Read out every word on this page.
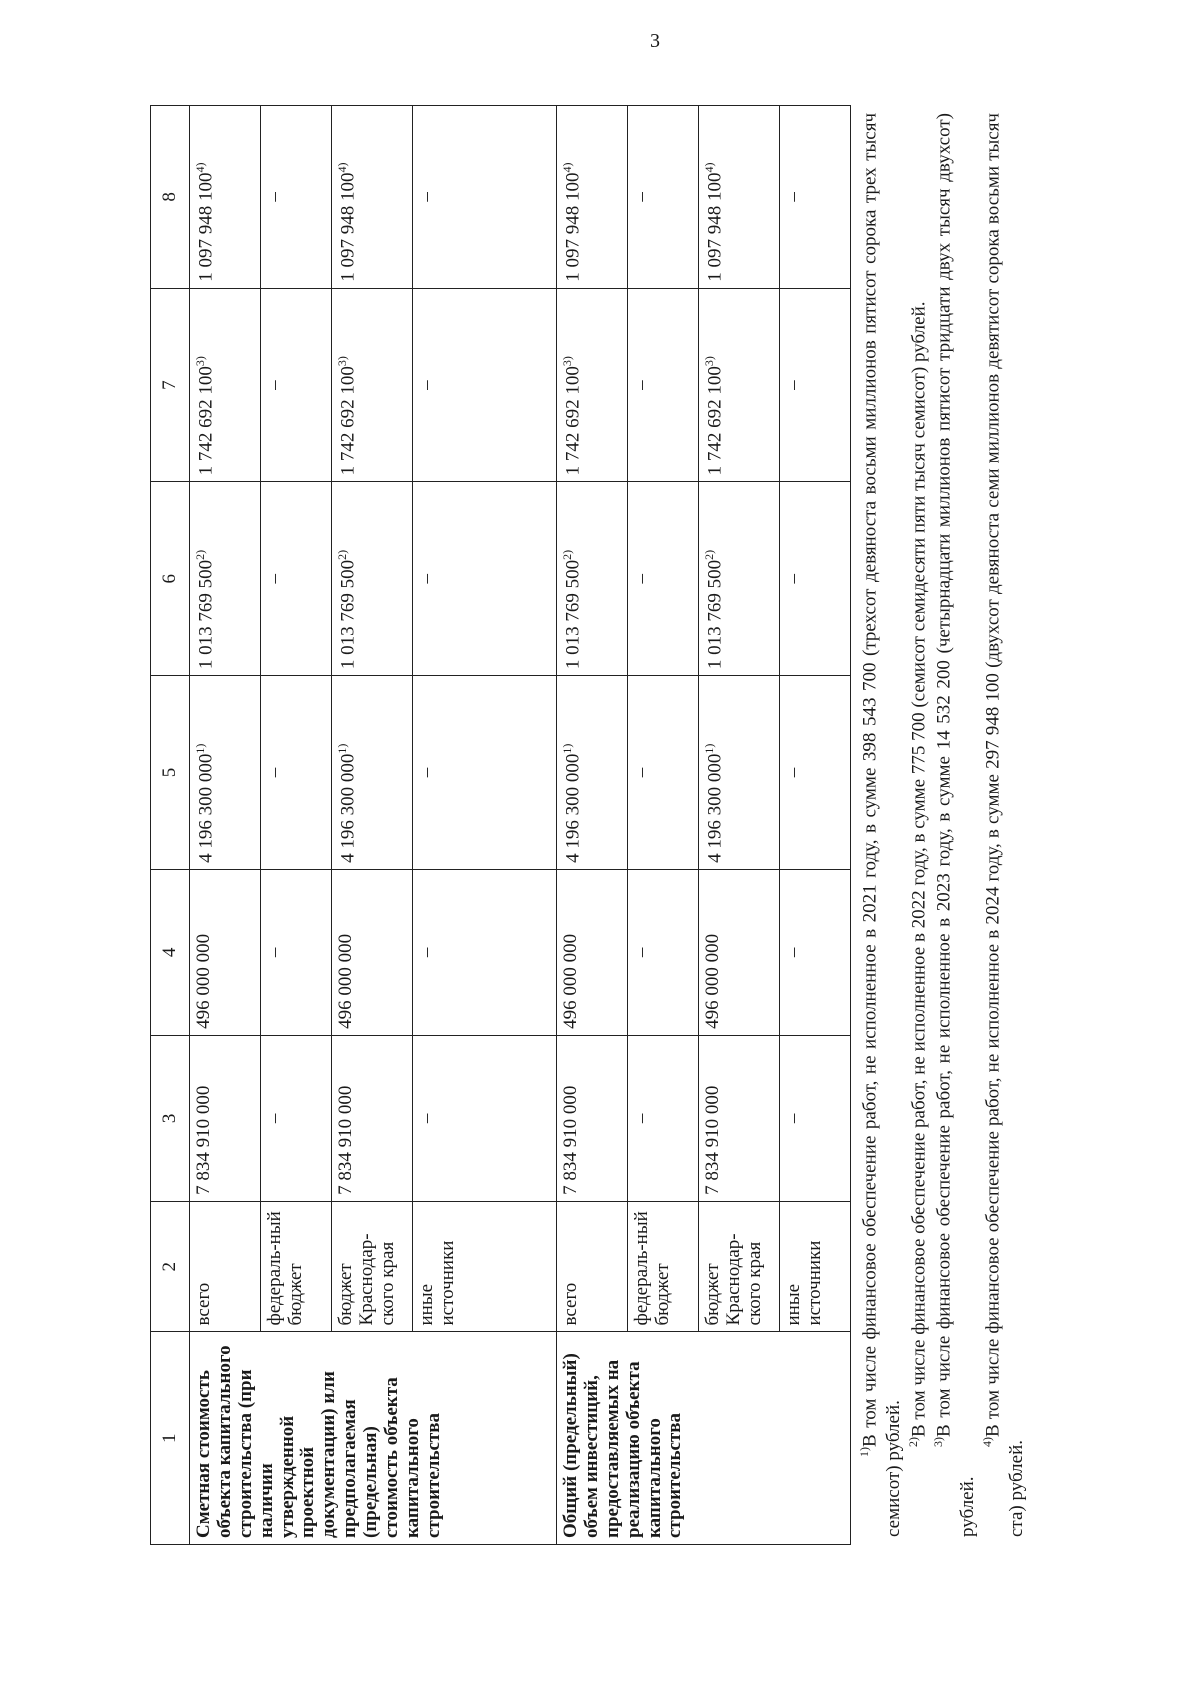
3
1	2	3	4	5	6	7	8
Сметная стоимость объекта капитального строительства (при наличии утвержденной проектной документации) или предполагаемая (предельная) стоимость объекта капитального строительства	всего	7 834 910 000	496 000 000	4 196 300 000$^{1)}$	1 013 769 500$^{2)}$	1 742 692 100$^{3)}$	1 097 948 100$^{4)}$
	федераль-ный бюджет	–	–	–	–	–	–
	бюджет Краснодар-ского края	7 834 910 000	496 000 000	4 196 300 000$^{1)}$	1 013 769 500$^{2)}$	1 742 692 100$^{3)}$	1 097 948 100$^{4)}$
	иные источники	–	–	–	–	–	–
Общий (предельный) объем инвестиций, предоставляемых на реализацию объекта капитального строительства	всего	7 834 910 000	496 000 000	4 196 300 000$^{1)}$	1 013 769 500$^{2)}$	1 742 692 100$^{3)}$	1 097 948 100$^{4)}$
	федераль-ный бюджет	–	–	–	–	–	–
	бюджет Краснодар-ского края	7 834 910 000	496 000 000	4 196 300 000$^{1)}$	1 013 769 500$^{2)}$	1 742 692 100$^{3)}$	1 097 948 100$^{4)}$
	иные источники	–	–	–	–	–	–

$^{1)}$В том числе финансовое обеспечение работ, не исполненное в 2021 году, в сумме 398 543 700 (трехсот девяноста восьми миллионов пятисот сорока трех тысяч семисот) рублей. $^{2)}$В том числе финансовое обеспечение работ, не исполненное в 2022 году, в сумме 775 700 (семисот семидесяти пяти тысяч семисот) рублей.

$^{3)}$В том числе финансовое обеспечение работ, не исполненное в 2023 году, в сумме 14 532 200 (четырнадцати миллионов пятисот тридцати двух тысяч двухсот) рублей.

$^{4)}$В том числе финансовое обеспечение работ, не исполненное в 2024 году, в сумме 297 948 100 (двухсот девяноста семи миллионов девятисот сорока восьми тысяч ста) рублей.
